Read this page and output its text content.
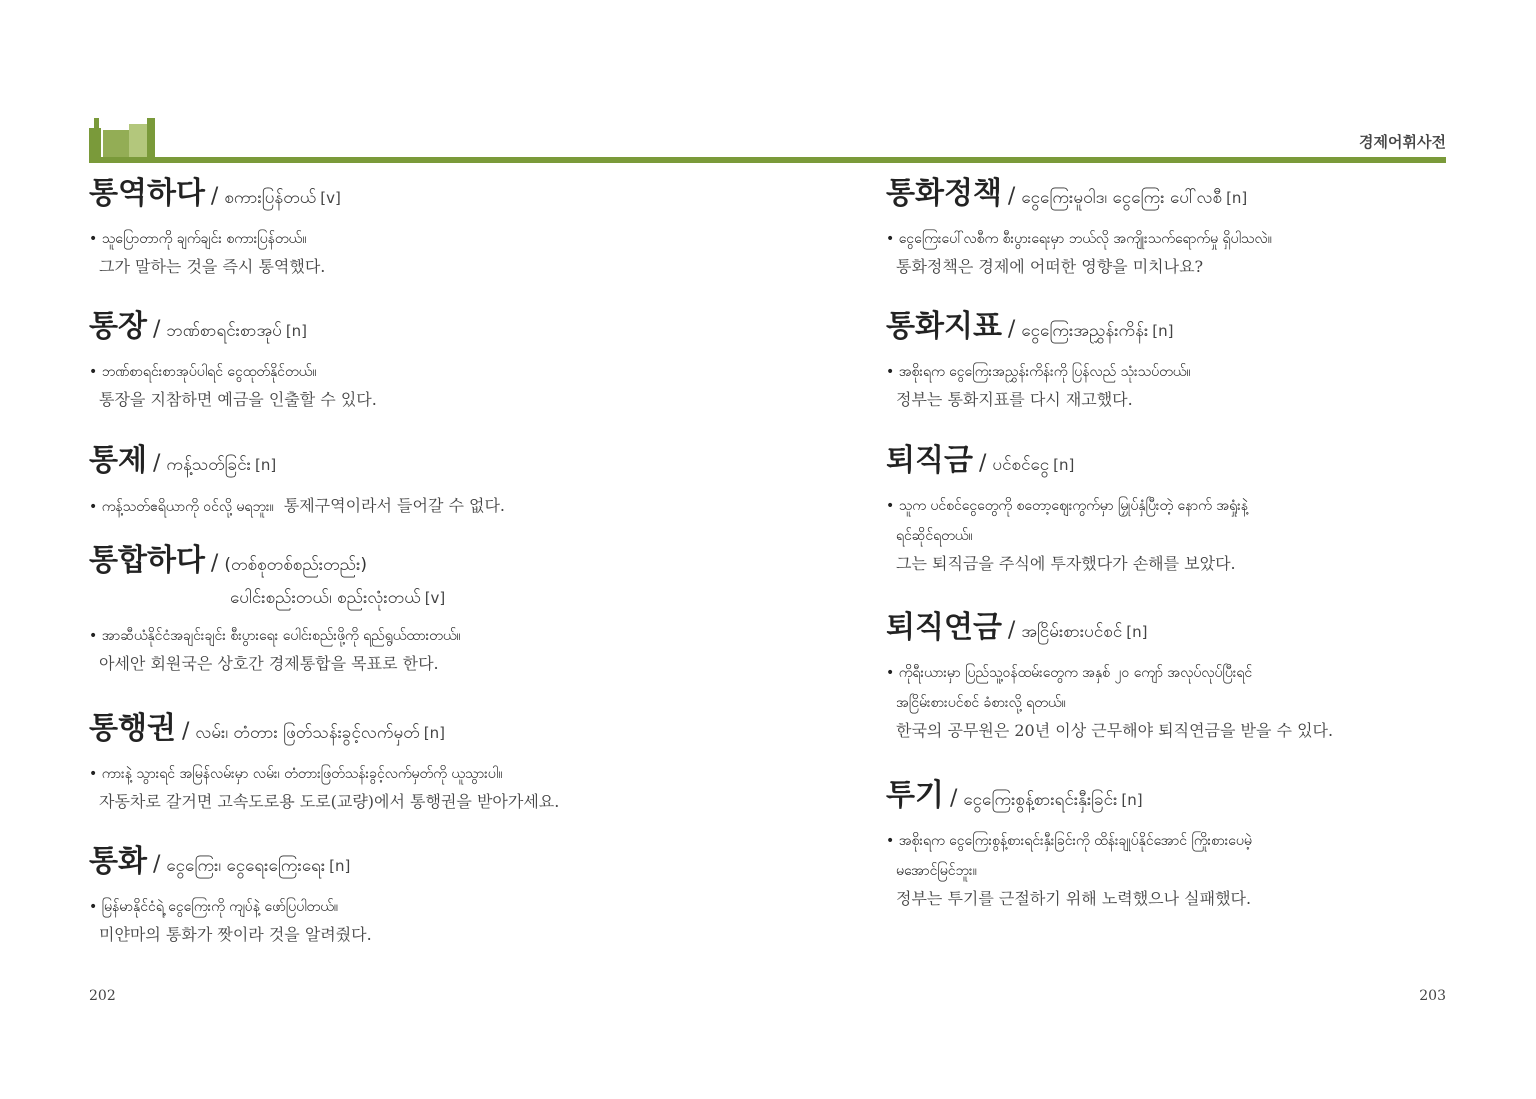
경제어휘사전
통역하다 / စကားပြန်တယ် [v]
• သူပြောတာကို ချက်ချင်း စကားပြန်တယ်။
그가 말하는 것을 즉시 통역했다.
통장 / ဘဏ်စာရင်းစာအုပ် [n]
• ဘဏ်စာရင်းစာအုပ်ပါရင် ငွေထုတ်နိုင်တယ်။
통장을 지참하면 예금을 인출할 수 있다.
통제 / ကန့်သတ်ခြင်း [n]
• ကန့်သတ်ဧရိယာကို ဝင်လို့ မရဘူး။ 통제구역이라서 들어갈 수 없다.
통합하다 / (တစ်စုတစ်စည်းတည်း)
ပေါင်းစည်းတယ်၊ စည်းလုံးတယ် [v]
• အာဆီယံနိုင်ငံအချင်းချင်း စီးပွားရေး ပေါင်းစည်းဖို့ကို ရည်ရွယ်ထားတယ်။
아세안 회원국은 상호간 경제통합을 목표로 한다.
통행권 / လမ်း၊ တံတား ဖြတ်သန်းခွင့်လက်မှတ် [n]
• ကားနဲ့ သွားရင် အမြန်လမ်းမှာ လမ်း၊ တံတားဖြတ်သန်းခွင့်လက်မှတ်ကို ယူသွားပါ။
자동차로 갈거면 고속도로용 도로(교량)에서 통행권을 받아가세요.
통화 / ငွေကြေး၊ ငွေရေးကြေးရေး [n]
• မြန်မာနိုင်ငံရဲ့ ငွေကြေးကို ကျပ်နဲ့ ဖော်ပြပါတယ်။
미얀마의 통화가 짯이라 것을 알려줬다.
통화정책 / ငွေကြေးမူဝါဒ၊ ငွေကြေး ပေါ်လစီ [n]
• ငွေကြေးပေါ်လစီက စီးပွားရေးမှာ ဘယ်လို အကျိုးသက်ရောက်မှု ရှိပါသလဲ။
통화정책은 경제에 어떠한 영향을 미치나요?
통화지표 / ငွေကြေးအညွှန်းကိန်း [n]
• အစိုးရက ငွေကြေးအညွှန်းကိန်းကို ပြန်လည် သုံးသပ်တယ်။
정부는 통화지표를 다시 재고했다.
퇴직금 / ပင်စင်ငွေ [n]
• သူက ပင်စင်ငွေတွေကို စတော့ဈေးကွက်မှာ မြှုပ်နှံပြီးတဲ့ နောက် အရှုံးနဲ့
ရင်ဆိုင်ရတယ်။
그는 퇴직금을 주식에 투자했다가 손해를 보았다.
퇴직연금 / အငြိမ်းစားပင်စင် [n]
• ကိုရီးယားမှာ ပြည်သူ့ဝန်ထမ်းတွေက အနှစ် ၂၀ ကျော် အလုပ်လုပ်ပြီးရင်
အငြိမ်းစားပင်စင် ခံစားလို့ ရတယ်။
한국의 공무원은 20년 이상 근무해야 퇴직연금을 받을 수 있다.
투기 / ငွေကြေးစွန့်စားရင်းနှီးခြင်း [n]
• အစိုးရက ငွေကြေးစွန့်စားရင်းနှီးခြင်းကို ထိန်းချုပ်နိုင်အောင် ကြိုးစားပေမဲ့
မအောင်မြင်ဘူး။
정부는 투기를 근절하기 위해 노력했으나 실패했다.
202	203
